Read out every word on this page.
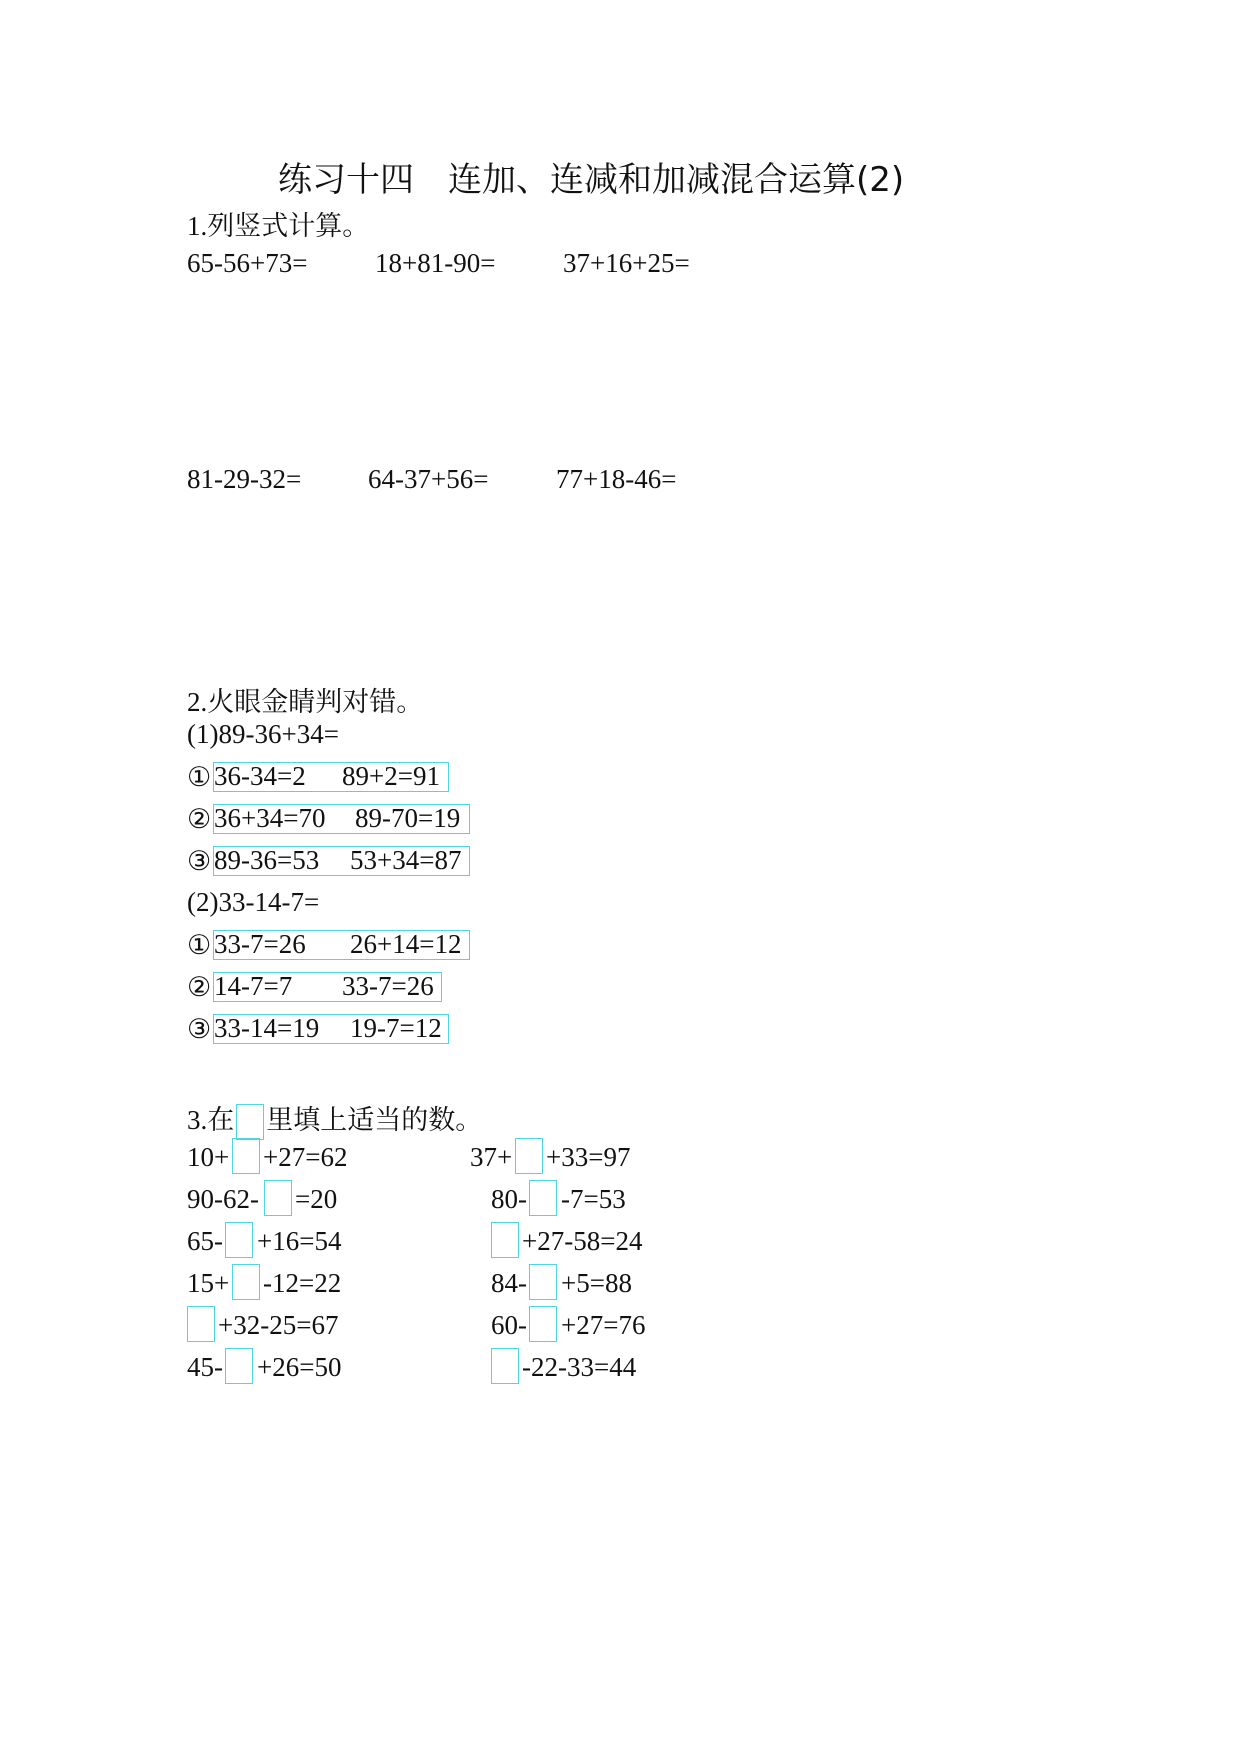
练习十四　连加、连减和加减混合运算(2)
1.列竖式计算。
65-56+73=	18+81-90=	37+16+25=
81-29-32= 64-37+56=	77+18-46=
2.火眼金睛判对错。
(1)89-36+34=
① 36-34=2 89+2=91
② 36+34=70 89-70=19
③ 89-36=53 53+34=87
(2)33-14-7=
① 33-7=26 26+14=12
② 14-7=7 33-7=26
③ 33-14=19 19-7=12
3.在 里填上适当的数。
10+ +27=62
90-62- =20
65- +16=54
15+ -12=22
+32-25=67
45- +26=50
37+ +33=97
80- -7=53
+27-58=24
84- +5=88
60- +27=76
-22-33=44
